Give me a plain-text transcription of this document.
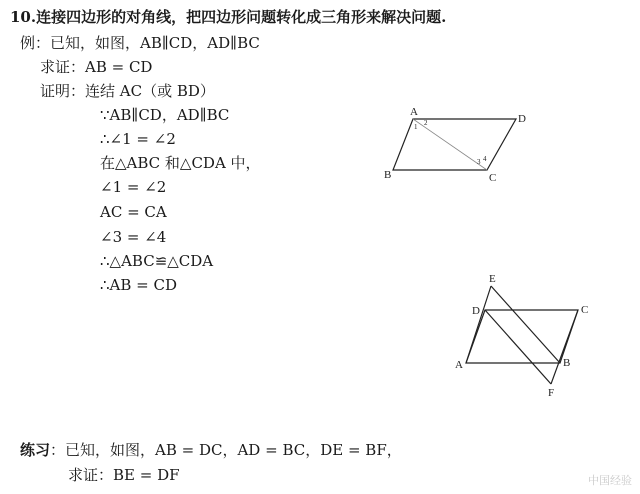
10.连接四边形的对角线，把四边形问题转化成三角形来解决问题.
例：已知，如图，AB∥CD，AD∥BC
求证：AB = CD
证明：连结 AC（或 BD）
∵AB∥CD，AD∥BC
∴∠1 = ∠2
在△ABC 和△CDA 中，
∠1 = ∠2
AC = CA
∠3 = ∠4
∴△ABC≌△CDA
∴AB = CD
A
B	C
D
1 2
3 4
E
D	C
A	B
F
练习：已知，如图，AB = DC，AD = BC，DE = BF，
求证：BE = DF	中国经验
